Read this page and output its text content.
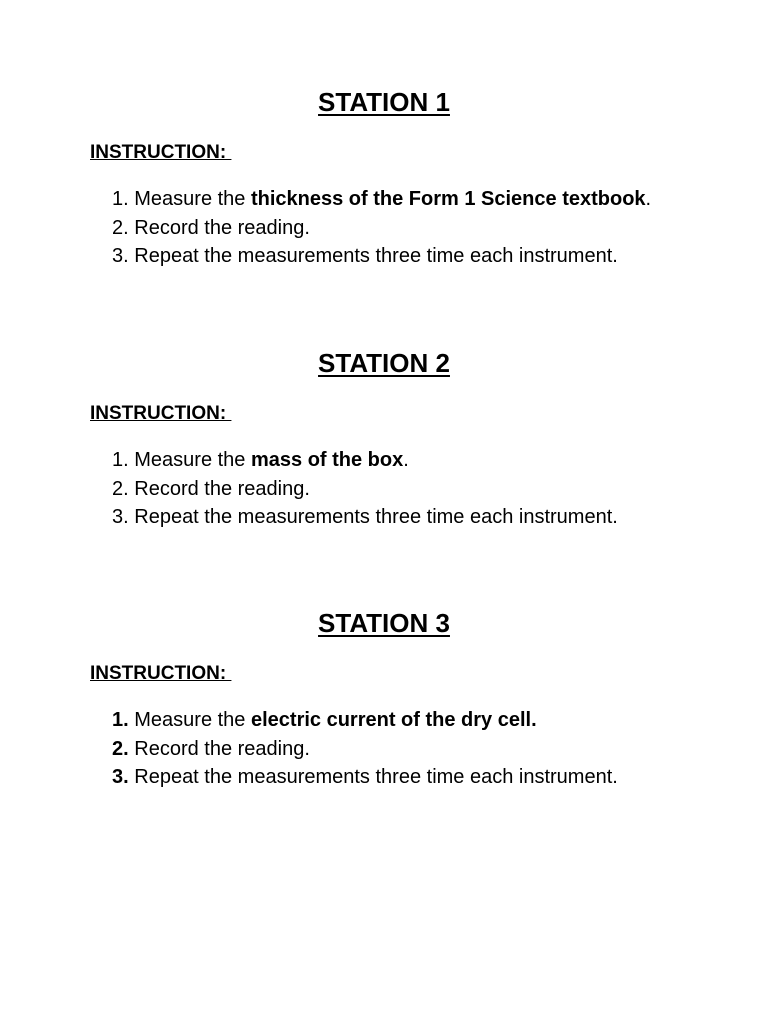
STATION 1
INSTRUCTION:
1. Measure the thickness of the Form 1 Science textbook.
2. Record the reading.
3. Repeat the measurements three time each instrument.
STATION 2
INSTRUCTION:
1. Measure the mass of the box.
2. Record the reading.
3. Repeat the measurements three time each instrument.
STATION 3
INSTRUCTION:
1. Measure the electric current of the dry cell.
2. Record the reading.
3. Repeat the measurements three time each instrument.
